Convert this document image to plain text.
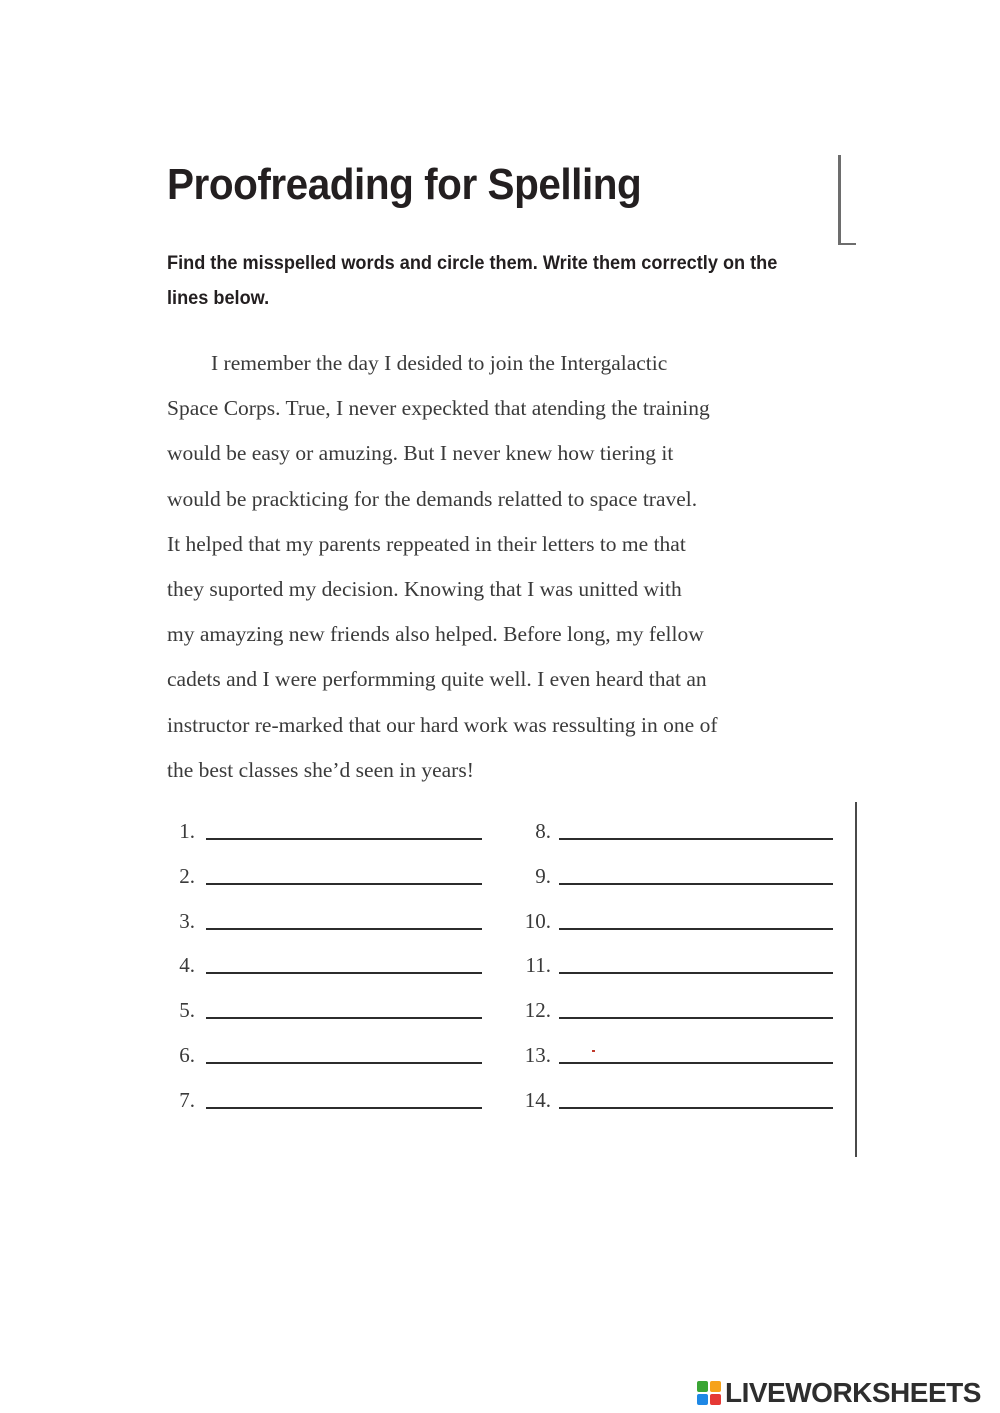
Proofreading for Spelling

Find the misspelled words and circle them. Write them correctly on the lines below.

I remember the day I desided to join the Intergalactic
Space Corps. True, I never expeckted that atending the training
would be easy or amuzing. But I never knew how tiering it
would be prackticing for the demands relatted to space travel.
It helped that my parents reppeated in their letters to me that
they suported my decision. Knowing that I was unitted with
my amayzing new friends also helped. Before long, my fellow
cadets and I were performming quite well. I even heard that an
instructor re-marked that our hard work was ressulting in one of
the best classes she’d seen in years!
1.
2.
3.
4.
5.
6.
7.
8.
9.
10.
11.
12.
13.
14.
LIVEWORKSHEETS
